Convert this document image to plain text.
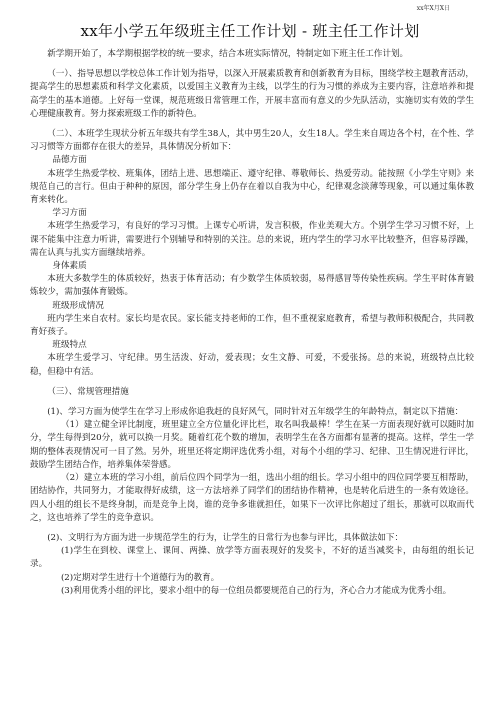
xx年X月X日
xx年小学五年级班主任工作计划 - 班主任工作计划

新学期开始了，本学期根据学校的统一要求，结合本班实际情况，特制定如下班主任工作计划。

（一）、指导思想以学校总体工作计划为指导，以深入开展素质教育和创新教育为目标，围绕学校主题教育活动，提高学生的思想素质和科学文化素质，以爱国主义教育为主线，以学生的行为习惯的养成为主要内容，注意培养和提高学生的基本道德。上好每一堂课，规范班级日常管理工作，开展丰富而有意义的少先队活动，实施切实有效的学生心理健康教育。努力探索班级工作的新特色。

（二）、本班学生现状分析五年级共有学生38人，其中男生20人，女生18人。学生来自周边各个村，在个性、学习习惯等方面都存在很大的差异，具体情况分析如下：

品德方面

本班学生热爱学校、班集体，团结上进、思想端正、遵守纪律、尊敬师长、热爱劳动。能按照《小学生守则》来规范自己的言行。但由于种种的原因，部分学生身上仍存在着以自我为中心，纪律观念淡薄等现象，可以通过集体教育来转化。

学习方面

本班学生热爱学习，有良好的学习习惯。上课专心听讲，发言积极，作业美观大方。个别学生学习习惯不好，上课不能集中注意力听讲，需要进行个别辅导和特别的关注。总的来说，班内学生的学习水平比较整齐，但容易浮躁，需在认真与扎实方面继续培养。

身体素质

本班大多数学生的体质较好，热衷于体育活动；有少数学生体质较弱，易得感冒等传染性疾病。学生平时体育锻炼较少，需加强体育锻炼。

班级形成情况

班内学生来自农村。家长均是农民。家长能支持老师的工作，但不重视家庭教育，希望与教师积极配合，共同教育好孩子。

班级特点

本班学生爱学习、守纪律。男生活泼、好动，爱表现；女生文静、可爱，不爱张扬。总的来说，班级特点比较稳，但稳中有活。

（三）、常规管理措施

(1)、学习方面为使学生在学习上形成你追我赶的良好风气，同时针对五年级学生的年龄特点，制定以下措施：

（1）建立健全评比制度，班里建立全方位量化评比栏，取名叫我最棒！学生在某一方面表现好就可以随时加分，学生每得到20分，就可以换一月奖。随着红花个数的增加，表明学生在各方面都有显著的提高。这样，学生一学期的整体表现情况可一目了然。另外，班里还将定期评选优秀小组，对每个小组的学习、纪律、卫生情况进行评比，鼓励学生团结合作，培养集体荣誉感。

（2）建立本班的学习小组，前后位四个同学为一组，选出小组的组长。学习小组中的四位同学要互相帮助，团结协作，共同努力，才能取得好成绩，这一方法培养了同学们的团结协作精神，也是转化后进生的一条有效途径。四人小组的组长不是终身制，而是竞争上岗，谁的竞争多谁就担任，如果下一次评比你超过了组长，那就可以取而代之，这也培养了学生的竞争意识。

(2)、文明行为方面为进一步规范学生的行为，让学生的日常行为也参与评比，具体做法如下：

(1)学生在到校、课堂上、课间、两操、放学等方面表现好的发奖卡，不好的适当减奖卡，由每组的组长记录。

(2)定期对学生进行十个道德行为的教育。

(3)利用优秀小组的评比，要求小组中的每一位组员都要规范自己的行为，齐心合力才能成为优秀小组。
